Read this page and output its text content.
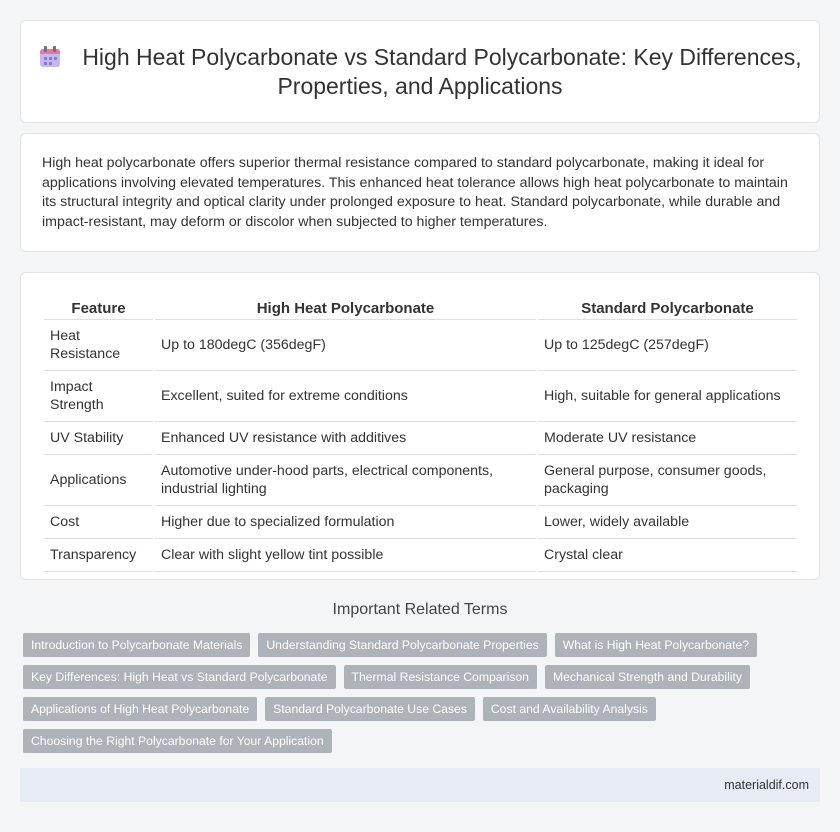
High Heat Polycarbonate vs Standard Polycarbonate: Key Differences, Properties, and Applications

High heat polycarbonate offers superior thermal resistance compared to standard polycarbonate, making it ideal for applications involving elevated temperatures. This enhanced heat tolerance allows high heat polycarbonate to maintain its structural integrity and optical clarity under prolonged exposure to heat. Standard polycarbonate, while durable and impact-resistant, may deform or discolor when subjected to higher temperatures.

Feature	High Heat Polycarbonate	Standard Polycarbonate
Heat Resistance	Up to 180degC (356degF)	Up to 125degC (257degF)
Impact Strength	Excellent, suited for extreme conditions	High, suitable for general applications
UV Stability	Enhanced UV resistance with additives	Moderate UV resistance
Applications	Automotive under-hood parts, electrical components, industrial lighting	General purpose, consumer goods, packaging
Cost	Higher due to specialized formulation	Lower, widely available
Transparency	Clear with slight yellow tint possible	Crystal clear
Important Related Terms
Introduction to Polycarbonate Materials	Understanding Standard Polycarbonate Properties	What is High Heat Polycarbonate?
Key Differences: High Heat vs Standard Polycarbonate	Thermal Resistance Comparison	Mechanical Strength and Durability
Applications of High Heat Polycarbonate	Standard Polycarbonate Use Cases	Cost and Availability Analysis
Choosing the Right Polycarbonate for Your Application
materialdif.com
